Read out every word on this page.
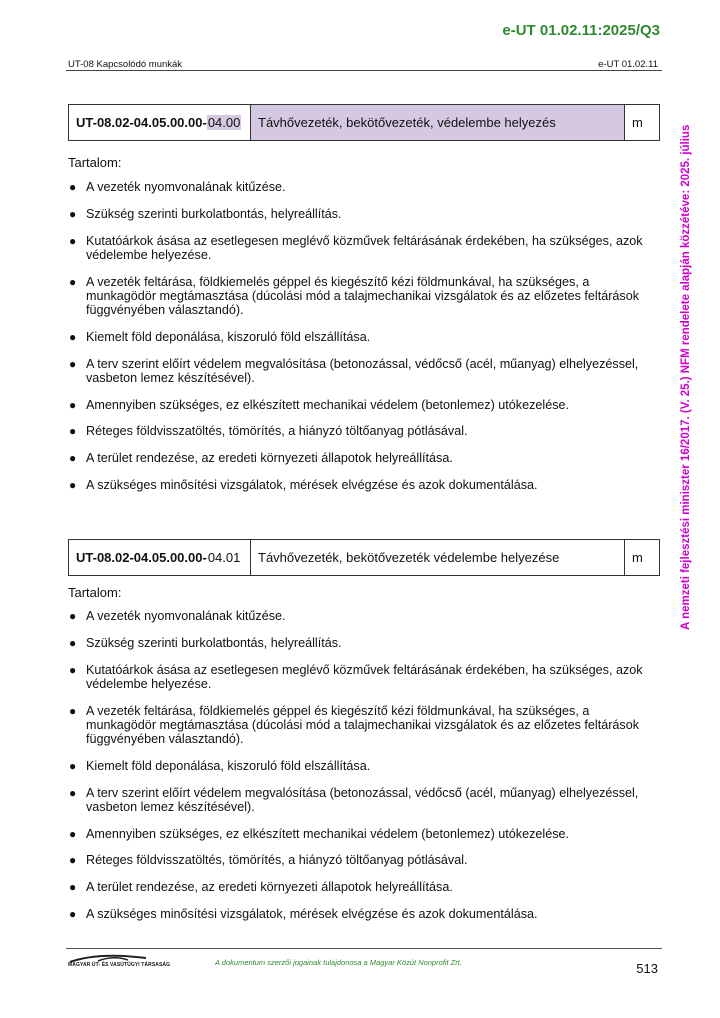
e-UT 01.02.11:2025/Q3
UT-08 Kapcsolódó munkák	e-UT 01.02.11
A nemzeti fejlesztési miniszter 16/2017. (V. 25.) NFM rendelete alapján közzétéve: 2025. július
UT-08.02-04.05.00.00- 04.00 Távhővezeték, bekötővezeték, védelembe helyezés	m
Tartalom:
● A vezeték nyomvonalának kitűzése.
● Szükség szerinti burkolatbontás, helyreállítás.
● Kutatóárkok ásása az esetlegesen meglévő közművek feltárásának érdekében, ha szükséges, azok védelembe helyezése.
● A vezeték feltárása, földkiemelés géppel és kiegészítő kézi földmunkával, ha szükséges, a munkagödör megtámasztása (dúcolási mód a talajmechanikai vizsgálatok és az előzetes feltárások függvényében választandó).
● Kiemelt föld deponálása, kiszoruló föld elszállítása.
● A terv szerint előírt védelem megvalósítása (betonozással, védőcső (acél, műanyag) elhelyezéssel, vasbeton lemez készítésével).
● Amennyiben szükséges, ez elkészített mechanikai védelem (betonlemez) utókezelése.
● Réteges földvisszatöltés, tömörítés, a hiányzó töltőanyag pótlásával.
● A terület rendezése, az eredeti környezeti állapotok helyreállítása.
● A szükséges minősítési vizsgálatok, mérések elvégzése és azok dokumentálása.
UT-08.02-04.05.00.00- 04.01 Távhővezeték, bekötővezeték védelembe helyezése	m
Tartalom:
● A vezeték nyomvonalának kitűzése.
● Szükség szerinti burkolatbontás, helyreállítás.
● Kutatóárkok ásása az esetlegesen meglévő közművek feltárásának érdekében, ha szükséges, azok védelembe helyezése.
● A vezeték feltárása, földkiemelés géppel és kiegészítő kézi földmunkával, ha szükséges, a munkagödör megtámasztása (dúcolási mód a talajmechanikai vizsgálatok és az előzetes feltárások függvényében választandó).
● Kiemelt föld deponálása, kiszoruló föld elszállítása.
● A terv szerint előírt védelem megvalósítása (betonozással, védőcső (acél, műanyag) elhelyezéssel, vasbeton lemez készítésével).
● Amennyiben szükséges, ez elkészített mechanikai védelem (betonlemez) utókezelése.
● Réteges földvisszatöltés, tömörítés, a hiányzó töltőanyag pótlásával.
● A terület rendezése, az eredeti környezeti állapotok helyreállítása.
● A szükséges minősítési vizsgálatok, mérések elvégzése és azok dokumentálása.
MAGYAR ÚT- ÉS VASÚTÜGYI TÁRSASÁG	A dokumentum szerzői jogainak tulajdonosa a Magyar Közút Nonprofit Zrt.	513
